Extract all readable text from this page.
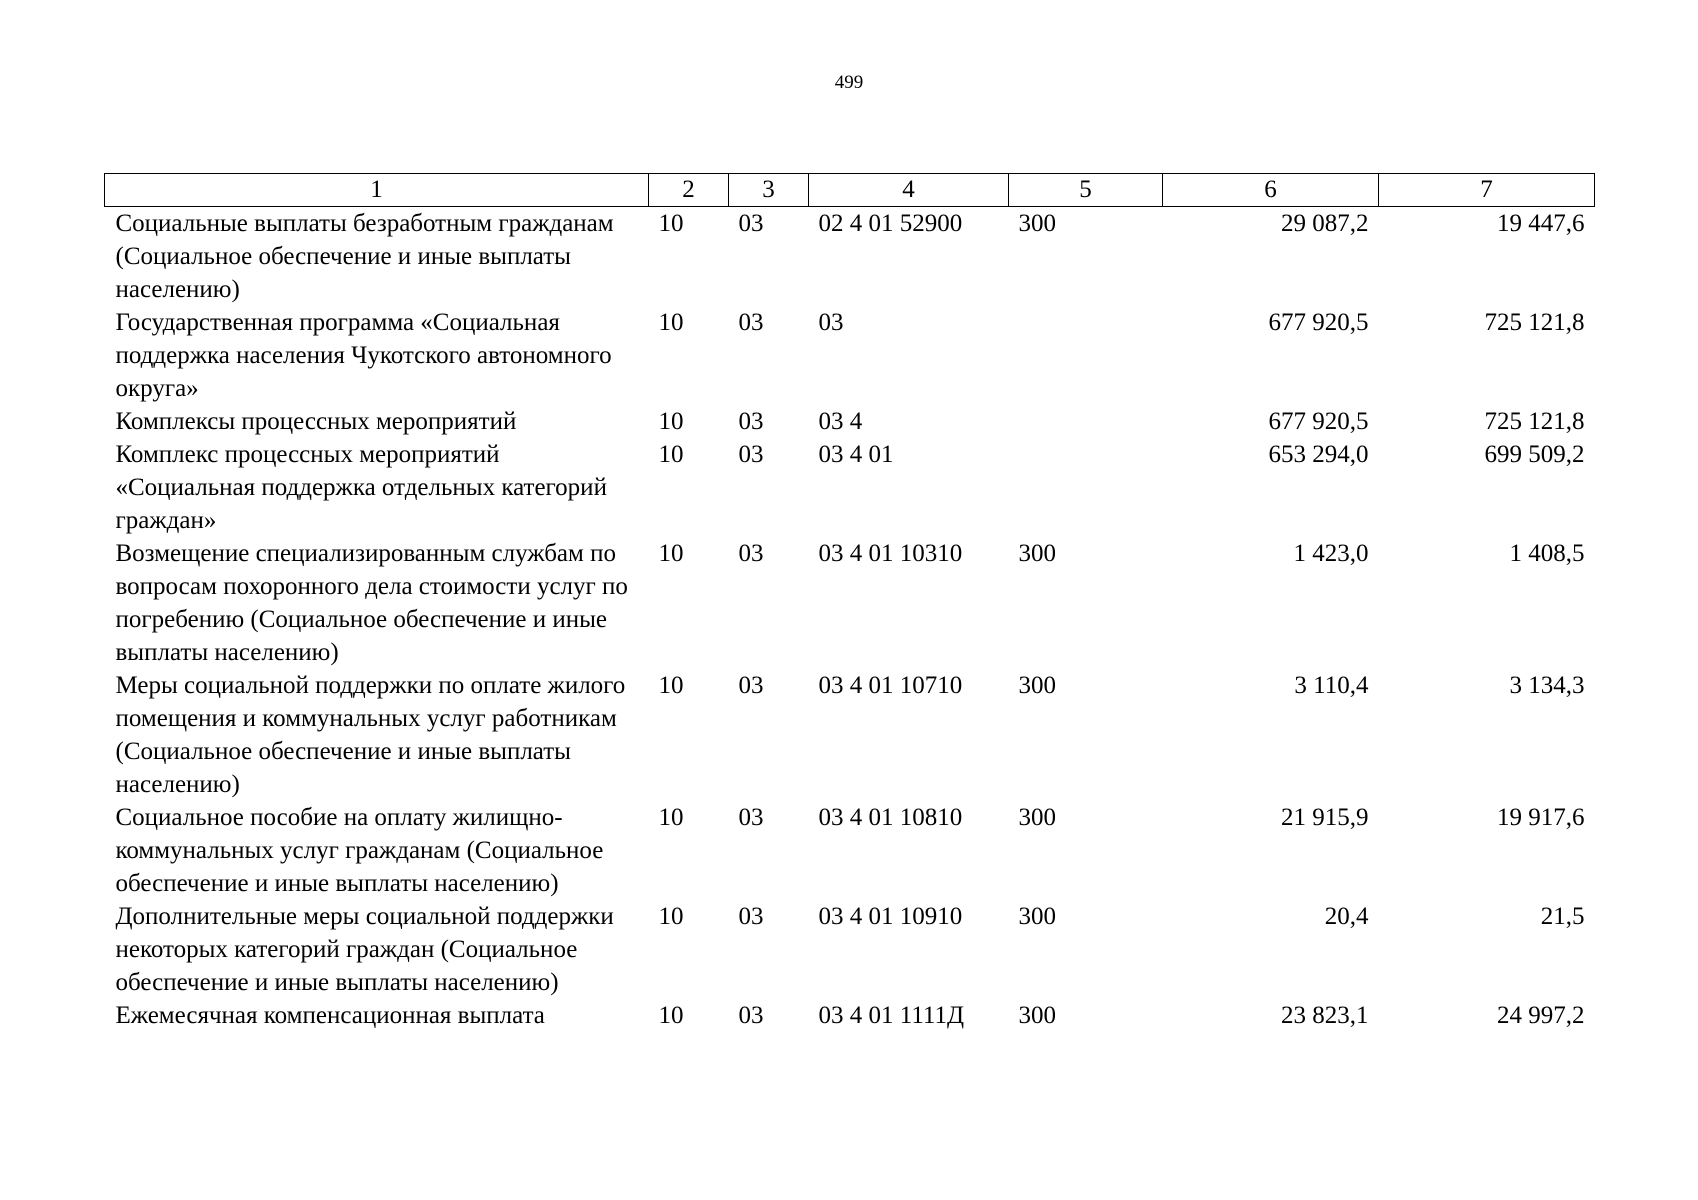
499
1	2	3	4	5	6	7
Социальные выплаты безработным гражданам (Социальное обеспечение и иные выплаты населению)	10	03	02 4 01 52900	300	29 087,2	19 447,6
Государственная программа «Социальная поддержка населения Чукотского автономного округа»	10	03	03		677 920,5	725 121,8
Комплексы процессных мероприятий	10	03	03 4		677 920,5	725 121,8
Комплекс процессных мероприятий «Социальная поддержка отдельных категорий граждан»	10	03	03 4 01		653 294,0	699 509,2
Возмещение специализированным службам по вопросам похоронного дела стоимости услуг по погребению (Социальное обеспечение и иные выплаты населению)	10	03	03 4 01 10310	300	1 423,0	1 408,5
Меры социальной поддержки по оплате жилого помещения и коммунальных услуг работникам (Социальное обеспечение и иные выплаты населению)	10	03	03 4 01 10710	300	3 110,4	3 134,3
Социальное пособие на оплату жилищно-коммунальных услуг гражданам (Социальное обеспечение и иные выплаты населению)	10	03	03 4 01 10810	300	21 915,9	19 917,6
Дополнительные меры социальной поддержки некоторых категорий граждан (Социальное обеспечение и иные выплаты населению)	10	03	03 4 01 10910	300	20,4	21,5
Ежемесячная компенсационная выплата	10	03	03 4 01 1111Д	300	23 823,1	24 997,2
